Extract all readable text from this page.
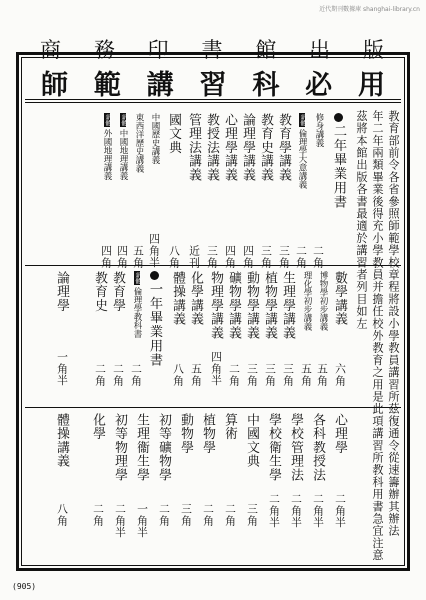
近代期刊數據庫 shanghai-library.cn
商 務 印 書 館 出 版
師 範 講 習 科 必 用
教育部前令各省參照師範學校章程將設小學教員講習所茲復通令從速籌辦其辦法
年二年兩類畢業後得充小學教員并擔任校外教育之用是此項講習所教科用書急宜注意
茲將本館出版各書最適於講習者列目如左
二年畢業用書
修身講義
二角
新體倫理學大意講義
二角
教育學講義
三角
教育史講義
三角
論理學講義
四角
心理學講義
四角
教授法講義
三角
管理法講義
近刊
國文典
八角
中國歷史講義
四角半
東西洋歷史講義
五角
新體中國地理講義
四角
新體外國地理講義
四角
數學講義
六角
博物學初步講義
五角
理化學初步講義
五角
生理學講義
三角
植物學講義
三角
動物學講義
三角
礦物學講義
二角
物理學講義
四角半
化學講義
五角
體操講義
八角
一年畢業用書
新體倫理學教科書
二角
教育學
二角
教育史
二角
論理學
一角半
心理學
二角半
各科教授法
二角半
學校管理法
二角半
學校衛生學
二角半
中國文典
三角
算術
二角
植物學
二角
動物學
三角
初等礦物學
二角
生理衞生學
一角半
初等物理學
二角半
化學
二角
體操講義
八角
(905)
